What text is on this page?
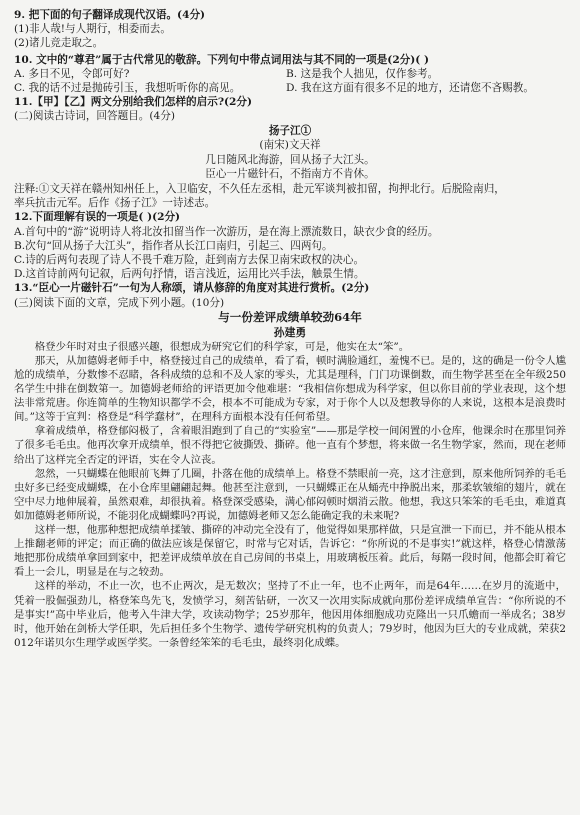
9. 把下面的句子翻译成现代汉语。(4分)
(1)非人哉!与人期行，相委而去。
(2)诸儿竞走取之。
10. 文中的“尊君”属于古代常见的敬辞。下列句中带点词用法与其不同的一项是(2分)( )
A. 多日不见，令郎可好?	B. 这是我个人拙见，仅作参考。
C. 我的话不过是抛砖引玉，我想听听你的高见。	D. 我在这方面有很多不足的地方，还请您不吝赐教。
11.【甲】【乙】两文分别给我们怎样的启示?(2分)
(二)阅读古诗词，回答题目。(4分)
扬子江①
(南宋)文天祥
几日随风北海游，回从扬子大江头。
臣心一片磁针石，不指南方不肯休。
注释:①文天祥在赣州知州任上，入卫临安，不久任左丞相，赴元军谈判被扣留，拘押北行。后脱险南归，
率兵抗击元军。后作《扬子江》一诗述志。
12.下面理解有误的一项是( )(2分)
A.首句中的“游”说明诗人将北汝扣留当作一次游历，是在海上漂流数日，缺衣少食的经历。
B.次句“回从扬子大江头”，指作者从长江口南归，引起三、四两句。
C.诗的后两句表现了诗人不畏千难万险，赶到南方去保卫南宋政权的决心。
D.这首诗前两句记叙，后两句抒情，语言浅近，运用比兴手法，触景生情。
13.“臣心一片磁针石”一句为人称颂，请从修辞的角度对其进行赏析。(2分)
(三)阅读下面的文章，完成下列小题。(10分)
与一份差评成绩单较劲64年
孙建勇

格登少年时对虫子很感兴趣，很想成为研究它们的科学家，可是，他实在太“笨”。

那天，从加德姆老师手中，格登接过自己的成绩单，看了看，顿时满脸通红，羞愧不已。是的，这的确是一份令人尴尬的成绩单，分数惨不忍睹，各科成绩的总和不及人家的零头，尤其是理科，门门功课倒数，而生物学甚至在全年级250名学生中排在倒数第一。加德姆老师给的评语更加令他难堪：“我相信你想成为科学家，但以你目前的学业表现，这个想法非常荒唐。你连简单的生物知识都学不会，根本不可能成为专家，对于你个人以及想教导你的人来说，这根本是浪费时间。”这等于宣判：格登是“科学蠢材”，在理科方面根本没有任何希望。

拿着成绩单，格登郁闷极了，含着眼泪跑到了自己的“实验室”——那是学校一间闲置的小仓库，他课余时在那里饲养了很多毛毛虫。他再次拿开成绩单，恨不得把它彼撕毁、撕碎。他一直有个梦想，将来做一名生物学家，然而，现在老师给出了这样完全否定的评语，实在令人泣丧。

忽然，一只蝴蝶在他眼前飞舞了几圈，扑落在他的成绩单上。格登不禁眼前一亮，这才注意到，原来他所饲养的毛毛虫好多已经变成蝴蝶，在小仓库里翩翩起舞。他甚至注意到，一只蝴蝶正在从蛹壳中挣脱出来，那柔软皱缩的翅片，就在空中尽力地伸展着，虽然艰难，却很执着。格登深受感染，满心郁闷顿时烟消云散。他想，我这只笨笨的毛毛虫，难道真如加德姆老师所说，不能羽化成蝴蝶吗?再说，加德姆老师又怎么能确定我的未来呢?

这样一想，他那种想把成绩单揉皱、撕碎的冲动完全没有了，他觉得如果那样做，只是宣泄一下而已，并不能从根本上推翻老师的评定；而正确的做法应该是保留它，时常与它对话，告诉它：“你所说的不是事实!”就这样，格登心情激荡地把那份成绩单拿回到家中，把差评成绩单放在自己房间的书桌上，用玻璃板压着。此后，每隔一段时间，他都会盯着它看上一会儿，明显是在与之较劲。

这样的举动，不止一次，也不止两次，是无数次；坚持了不止一年，也不止两年，而是64年……在岁月的流逝中，凭着一股倔强劲儿，格登笨鸟先飞，发愤学习，刻苦钻研，一次又一次用实际成就向那份差评成绩单宣告：“你所说的不是事实!”高中毕业后，他考入牛津大学，攻读动物学；25岁那年，他因用体细胞成功克隆出一只爪蟾而一举成名；38岁时，他开始在剑桥大学任职，先后担任多个生物学、遗传学研究机构的负责人；79岁时，他因为巨大的专业成就，荣获2012年诺贝尔生理学或医学奖。一条曾经笨笨的毛毛虫，最终羽化成蝶。
